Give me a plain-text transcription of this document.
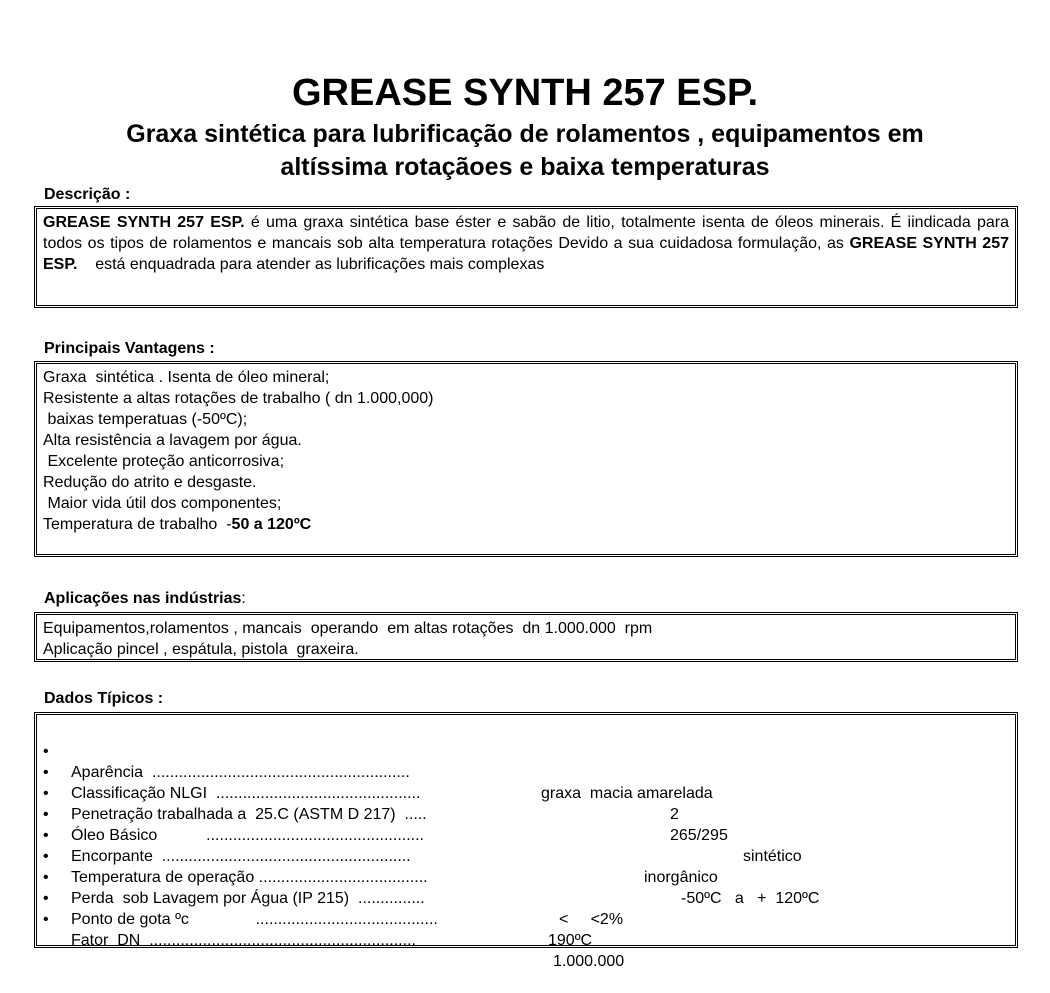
GREASE SYNTH 257 ESP.
Graxa sintética para lubrificação de rolamentos , equipamentos em
altíssima rotaçãoes e baixa temperaturas
Descrição :

GREASE SYNTH 257 ESP. é uma graxa sintética base éster e sabão de litio, totalmente isenta de óleos minerais. É iindicada para todos os tipos de rolamentos e mancais sob alta temperatura rotações Devido a sua cuidadosa formulação, as GREASE SYNTH 257 ESP.    está enquadrada para atender as lubrificações mais complexas

Principais Vantagens :
Graxa  sintética . Isenta de óleo mineral;
Resistente a altas rotações de trabalho ( dn 1.000,000)
baixas temperatuas (-50ºC);
Alta resistência a lavagem por água.
Excelente proteção anticorrosiva;
Redução do atrito e desgaste.
Maior vida útil dos componentes;
Temperatura de trabalho  -50 a 120ºC
Aplicações nas indústrias:
Equipamentos,rolamentos , mancais  operando  em altas rotações  dn 1.000.000  rpm
Aplicação pincel , espátula, pistola  graxeira.
Dados Típicos :

•

Aparência  ..........................................................

graxa  macia amarelada

•

Classificação NLGI  ..............................................

2

•

Penetração trabalhada a  25.C (ASTM D 217)  .....

265/295

•

Óleo Básico           .................................................

sintético

•

Encorpante  ........................................................

inorgânico

•

Temperatura de operação ......................................

-50ºC   a   +  120ºC

•

Perda  sob Lavagem por Água (IP 215)  ...............

<     <2%

•

Ponto de gota ºc               .........................................

190ºC

•

Fator  DN  ............................................................

1.000.000
